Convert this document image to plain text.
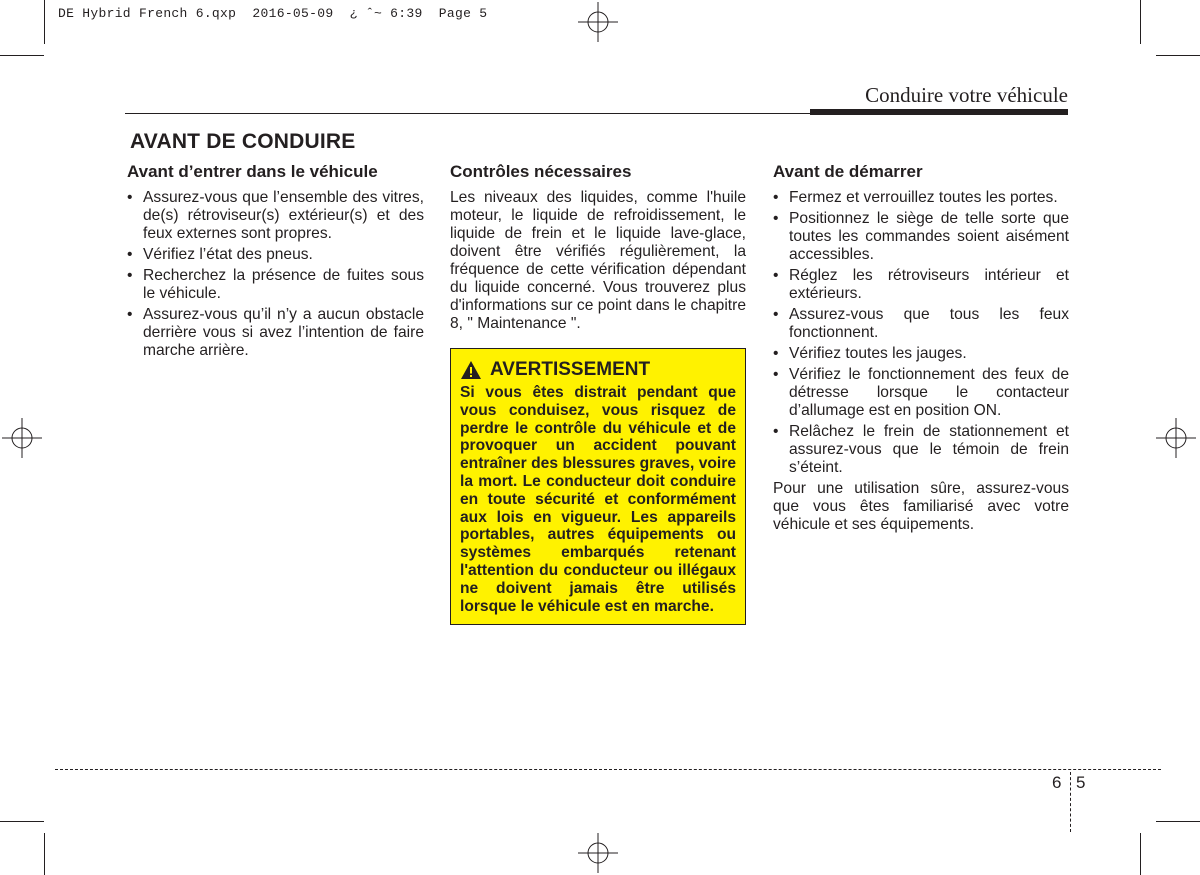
DE Hybrid French 6.qxp  2016-05-09  ¿ ˆ~ 6:39  Page 5
Conduire votre véhicule
AVANT DE CONDUIRE
Avant d’entrer dans le véhicule
• Assurez-vous que l’ensemble des vitres, de(s) rétroviseur(s) extérieur(s) et des feux externes sont propres.
• Vérifiez l’état des pneus.
• Recherchez la présence de fuites sous le véhicule.
• Assurez-vous qu’il n’y a aucun obstacle derrière vous si avez l’intention de faire marche arrière.
Contrôles nécessaires

Les niveaux des liquides, comme l'huile moteur, le liquide de refroidissement, le liquide de frein et le liquide lave-glace, doivent être vérifiés régulièrement, la fréquence de cette vérification dépendant du liquide concerné. Vous trouverez plus d'informations sur ce point dans le chapitre 8, " Maintenance ".

AVERTISSEMENT
Si vous êtes distrait pendant que vous conduisez, vous risquez de perdre le contrôle du véhicule et de provoquer un accident pouvant entraîner des blessures graves, voire la mort. Le conducteur doit conduire en toute sécurité et conformément aux lois en vigueur. Les appareils portables, autres équipements ou systèmes embarqués retenant l'attention du conducteur ou illégaux ne doivent jamais être utilisés lorsque le véhicule est en marche.
Avant de démarrer
• Fermez et verrouillez toutes les portes.
• Positionnez le siège de telle sorte que toutes les commandes soient aisément accessibles.
• Réglez les rétroviseurs intérieur et extérieurs.
• Assurez-vous que tous les feux fonctionnent.
• Vérifiez toutes les jauges.
• Vérifiez le fonctionnement des feux de détresse lorsque le contacteur d’allumage est en position ON.
• Relâchez le frein de stationnement et assurez-vous que le témoin de frein s’éteint.

Pour une utilisation sûre, assurez-vous que vous êtes familiarisé avec votre véhicule et ses équipements.

6 5
